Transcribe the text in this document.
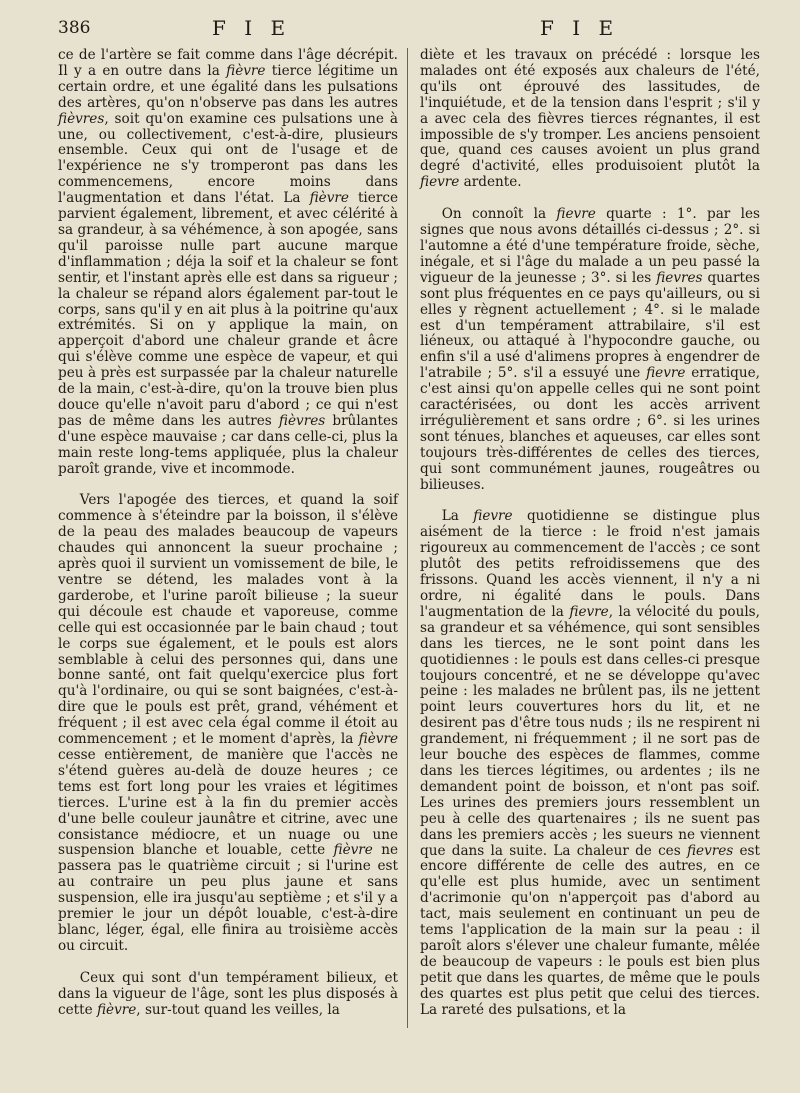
386	F I E	F I E

ce de l'artère se fait comme dans l'âge décrépit. Il y a en outre dans la fièvre tierce légitime un certain ordre, et une égalité dans les pulsations des artères, qu'on n'observe pas dans les autres fièvres, soit qu'on examine ces pulsations une à une, ou collectivement, c'est-à-dire, plusieurs ensemble. Ceux qui ont de l'usage et de l'expérience ne s'y tromperont pas dans les commencemens, encore moins dans l'augmentation et dans l'état. La fièvre tierce parvient également, librement, et avec célérité à sa grandeur, à sa véhémence, à son apogée, sans qu'il paroisse nulle part aucune marque d'inflammation ; déja la soif et la chaleur se font sentir, et l'instant après elle est dans sa rigueur ; la chaleur se répand alors également par-tout le corps, sans qu'il y en ait plus à la poitrine qu'aux extrémités. Si on y applique la main, on apperçoit d'abord une chaleur grande et âcre qui s'élève comme une espèce de vapeur, et qui peu à près est surpassée par la chaleur naturelle de la main, c'est-à-dire, qu'on la trouve bien plus douce qu'elle n'avoit paru d'abord ; ce qui n'est pas de même dans les autres fièvres brûlantes d'une espèce mauvaise ; car dans celle-ci, plus la main reste long-tems appliquée, plus la chaleur paroît grande, vive et incommode.

Vers l'apogée des tierces, et quand la soif commence à s'éteindre par la boisson, il s'élève de la peau des malades beaucoup de vapeurs chaudes qui annoncent la sueur prochaine ; après quoi il survient un vomissement de bile, le ventre se détend, les malades vont à la garderobe, et l'urine paroît bilieuse ; la sueur qui découle est chaude et vaporeuse, comme celle qui est occasionnée par le bain chaud ; tout le corps sue également, et le pouls est alors semblable à celui des personnes qui, dans une bonne santé, ont fait quelqu'exercice plus fort qu'à l'ordinaire, ou qui se sont baignées, c'est-à-dire que le pouls est prêt, grand, véhément et fréquent ; il est avec cela égal comme il étoit au commencement ; et le moment d'après, la fièvre cesse entièrement, de manière que l'accès ne s'étend guères au-delà de douze heures ; ce tems est fort long pour les vraies et légitimes tierces. L'urine est à la fin du premier accès d'une belle couleur jaunâtre et citrine, avec une consistance médiocre, et un nuage ou une suspension blanche et louable, cette fièvre ne passera pas le quatrième circuit ; si l'urine est au contraire un peu plus jaune et sans suspension, elle ira jusqu'au septième ; et s'il y a premier le jour un dépôt louable, c'est-à-dire blanc, léger, égal, elle finira au troisième accès ou circuit.

Ceux qui sont d'un tempérament bilieux, et dans la vigueur de l'âge, sont les plus disposés à cette fièvre, sur-tout quand les veilles, la

diète et les travaux on précédé : lorsque les malades ont été exposés aux chaleurs de l'été, qu'ils ont éprouvé des lassitudes, de l'inquiétude, et de la tension dans l'esprit ; s'il y a avec cela des fièvres tierces régnantes, il est impossible de s'y tromper. Les anciens pensoient que, quand ces causes avoient un plus grand degré d'activité, elles produisoient plutôt la fievre ardente.

On connoît la fievre quarte : 1°. par les signes que nous avons détaillés ci-dessus ; 2°. si l'automne a été d'une température froide, sèche, inégale, et si l'âge du malade a un peu passé la vigueur de la jeunesse ; 3°. si les fievres quartes sont plus fréquentes en ce pays qu'ailleurs, ou si elles y règnent actuellement ; 4°. si le malade est d'un tempérament attrabilaire, s'il est liéneux, ou attaqué à l'hypocondre gauche, ou enfin s'il a usé d'alimens propres à engendrer de l'atrabile ; 5°. s'il a essuyé une fievre erratique, c'est ainsi qu'on appelle celles qui ne sont point caractérisées, ou dont les accès arrivent irrégulièrement et sans ordre ; 6°. si les urines sont ténues, blanches et aqueuses, car elles sont toujours très-différentes de celles des tierces, qui sont communément jaunes, rougeâtres ou bilieuses.

La fievre quotidienne se distingue plus aisément de la tierce : le froid n'est jamais rigoureux au commencement de l'accès ; ce sont plutôt des petits refroidissemens que des frissons. Quand les accès viennent, il n'y a ni ordre, ni égalité dans le pouls. Dans l'augmentation de la fievre, la vélocité du pouls, sa grandeur et sa véhémence, qui sont sensibles dans les tierces, ne le sont point dans les quotidiennes : le pouls est dans celles-ci presque toujours concentré, et ne se développe qu'avec peine : les malades ne brûlent pas, ils ne jettent point leurs couvertures hors du lit, et ne desirent pas d'être tous nuds ; ils ne respirent ni grandement, ni fréquemment ; il ne sort pas de leur bouche des espèces de flammes, comme dans les tierces légitimes, ou ardentes ; ils ne demandent point de boisson, et n'ont pas soif. Les urines des premiers jours ressemblent un peu à celle des quartenaires ; ils ne suent pas dans les premiers accès ; les sueurs ne viennent que dans la suite. La chaleur de ces fievres est encore différente de celle des autres, en ce qu'elle est plus humide, avec un sentiment d'acrimonie qu'on n'apperçoit pas d'abord au tact, mais seulement en continuant un peu de tems l'application de la main sur la peau : il paroît alors s'élever une chaleur fumante, mêlée de beaucoup de vapeurs : le pouls est bien plus petit que dans les quartes, de même que le pouls des quartes est plus petit que celui des tierces. La rareté des pulsations, et la
